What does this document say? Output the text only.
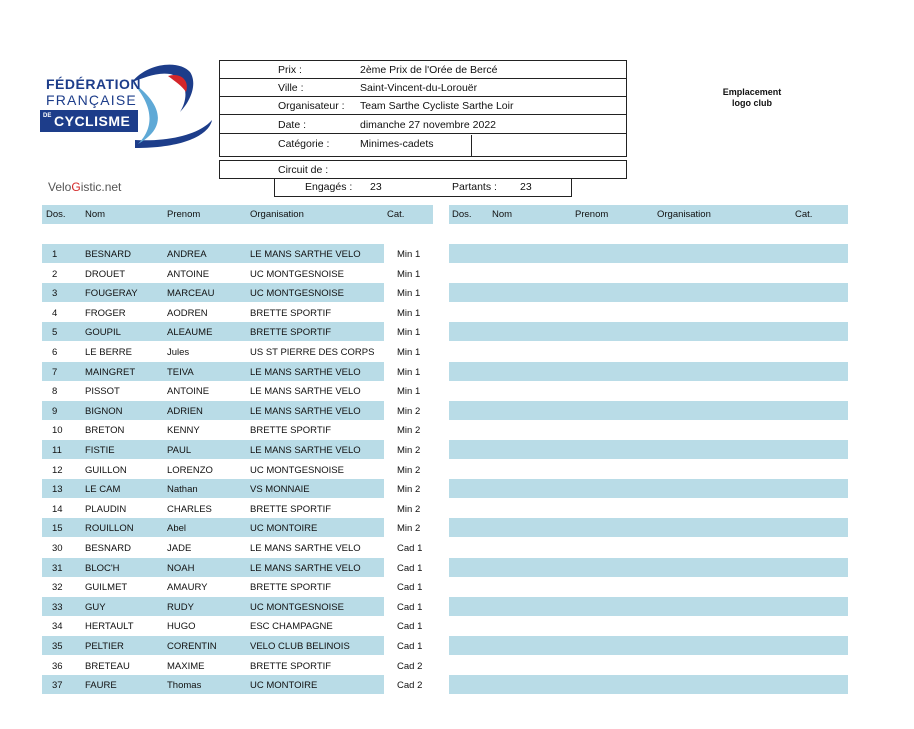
FÉDÉRATION
FRANÇAISE
DE CYCLISME
VeloGistic.net
Prix :	2ème Prix de l'Orée de Bercé
Ville :	Saint-Vincent-du-Lorouër
Organisateur : Team Sarthe Cycliste Sarthe Loir
Date :	dimanche 27 novembre 2022
Catégorie :	Minimes-cadets
Circuit de :
Engagés : 23	Partants : 23
Emplacement
logo club
Dos. Nom	Prenom	Organisation	Cat.	Dos. Nom	Prenom	Organisation	Cat.
1	BESNARD	ANDREA	LE MANS SARTHE VELO	Min 1
2	DROUET	ANTOINE	UC MONTGESNOISE	Min 1
3	FOUGERAY	MARCEAU	UC MONTGESNOISE	Min 1
4	FROGER	AODREN	BRETTE SPORTIF	Min 1
5	GOUPIL	ALEAUME	BRETTE SPORTIF	Min 1
6	LE BERRE	Jules	US ST PIERRE DES CORPS Min 1
7	MAINGRET	TEIVA	LE MANS SARTHE VELO	Min 1
8	PISSOT	ANTOINE	LE MANS SARTHE VELO	Min 1
9	BIGNON	ADRIEN	LE MANS SARTHE VELO	Min 2
10 BRETON	KENNY	BRETTE SPORTIF	Min 2
11 FISTIE	PAUL	LE MANS SARTHE VELO	Min 2
12 GUILLON	LORENZO	UC MONTGESNOISE	Min 2
13 LE CAM	Nathan	VS MONNAIE	Min 2
14 PLAUDIN	CHARLES	BRETTE SPORTIF	Min 2
15 ROUILLON	Abel	UC MONTOIRE	Min 2
30 BESNARD	JADE	LE MANS SARTHE VELO	Cad 1
31 BLOC'H	NOAH	LE MANS SARTHE VELO	Cad 1
32 GUILMET	AMAURY	BRETTE SPORTIF	Cad 1
33 GUY	RUDY	UC MONTGESNOISE	Cad 1
34 HERTAULT	HUGO	ESC CHAMPAGNE	Cad 1
35 PELTIER	CORENTIN	VELO CLUB BELINOIS	Cad 1
36 BRETEAU	MAXIME	BRETTE SPORTIF	Cad 2
37 FAURE	Thomas	UC MONTOIRE	Cad 2
